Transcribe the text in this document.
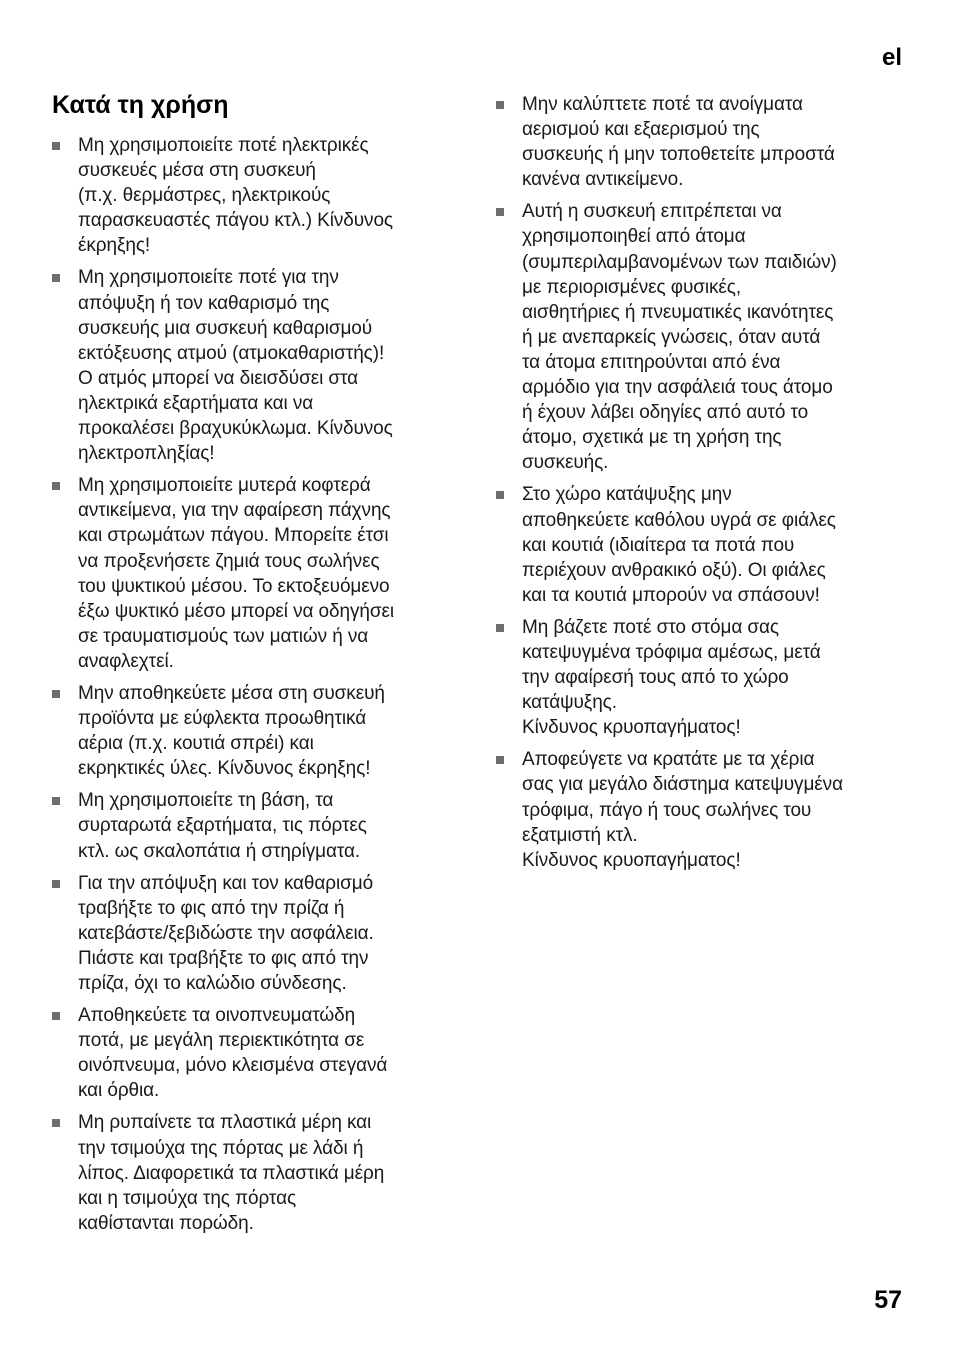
el
Κατά τη χρήση
Μη χρησιμοποιείτε ποτέ ηλεκτρικές
συσκευές μέσα στη συσκευή
(π.χ. θερμάστρες, ηλεκτρικούς
παρασκευαστές πάγου κτλ.) Κίνδυνος
έκρηξης!
Μη χρησιμοποιείτε ποτέ για την
απόψυξη ή τον καθαρισμό της
συσκευής μια συσκευή καθαρισμού
εκτόξευσης ατμού (ατμοκαθαριστής)!
Ο ατμός μπορεί να διεισδύσει στα
ηλεκτρικά εξαρτήματα και να
προκαλέσει βραχυκύκλωμα. Κίνδυνος
ηλεκτροπληξίας!
Μη χρησιμοποιείτε μυτερά κοφτερά
αντικείμενα, για την αφαίρεση πάχνης
και στρωμάτων πάγου. Μπορείτε έτσι
να προξενήσετε ζημιά τους σωλήνες
του ψυκτικού μέσου. Το εκτοξευόμενο
έξω ψυκτικό μέσο μπορεί να οδηγήσει
σε τραυματισμούς των ματιών ή να
αναφλεχτεί.
Μην αποθηκεύετε μέσα στη συσκευή
προϊόντα με εύφλεκτα προωθητικά
αέρια (π.χ. κουτιά σπρέι) και
εκρηκτικές ύλες. Κίνδυνος έκρηξης!
Μη χρησιμοποιείτε τη βάση, τα
συρταρωτά εξαρτήματα, τις πόρτες
κτλ. ως σκαλοπάτια ή στηρίγματα.
Για την απόψυξη και τον καθαρισμό
τραβήξτε το φις από την πρίζα ή
κατεβάστε/ξεβιδώστε την ασφάλεια.
Πιάστε και τραβήξτε το φις από την
πρίζα, όχι το καλώδιο σύνδεσης.
Αποθηκεύετε τα οινοπνευματώδη
ποτά, με μεγάλη περιεκτικότητα σε
οινόπνευμα, μόνο κλεισμένα στεγανά
και όρθια.
Μη ρυπαίνετε τα πλαστικά μέρη και
την τσιμούχα της πόρτας με λάδι ή
λίπος. Διαφορετικά τα πλαστικά μέρη
και η τσιμούχα της πόρτας
καθίστανται πορώδη.
Μην καλύπτετε ποτέ τα ανοίγματα
αερισμού και εξαερισμού της
συσκευής ή μην τοποθετείτε μπροστά
κανένα αντικείμενο.
Αυτή η συσκευή επιτρέπεται να
χρησιμοποιηθεί από άτομα
(συμπεριλαμβανομένων των παιδιών)
με περιορισμένες φυσικές,
αισθητήριες ή πνευματικές ικανότητες
ή με ανεπαρκείς γνώσεις, όταν αυτά
τα άτομα επιτηρούνται από ένα
αρμόδιο για την ασφάλειά τους άτομο
ή έχουν λάβει οδηγίες από αυτό το
άτομο, σχετικά με τη χρήση της
συσκευής.
Στο χώρο κατάψυξης μην
αποθηκεύετε καθόλου υγρά σε φιάλες
και κουτιά (ιδιαίτερα τα ποτά που
περιέχουν ανθρακικό οξύ). Οι φιάλες
και τα κουτιά μπορούν να σπάσουν!
Μη βάζετε ποτέ στο στόμα σας
κατεψυγμένα τρόφιμα αμέσως, μετά
την αφαίρεσή τους από το χώρο
κατάψυξης.
Κίνδυνος κρυοπαγήματος!
Αποφεύγετε να κρατάτε με τα χέρια
σας για μεγάλο διάστημα κατεψυγμένα
τρόφιμα, πάγο ή τους σωλήνες του
εξατμιστή κτλ.
Κίνδυνος κρυοπαγήματος!
57
